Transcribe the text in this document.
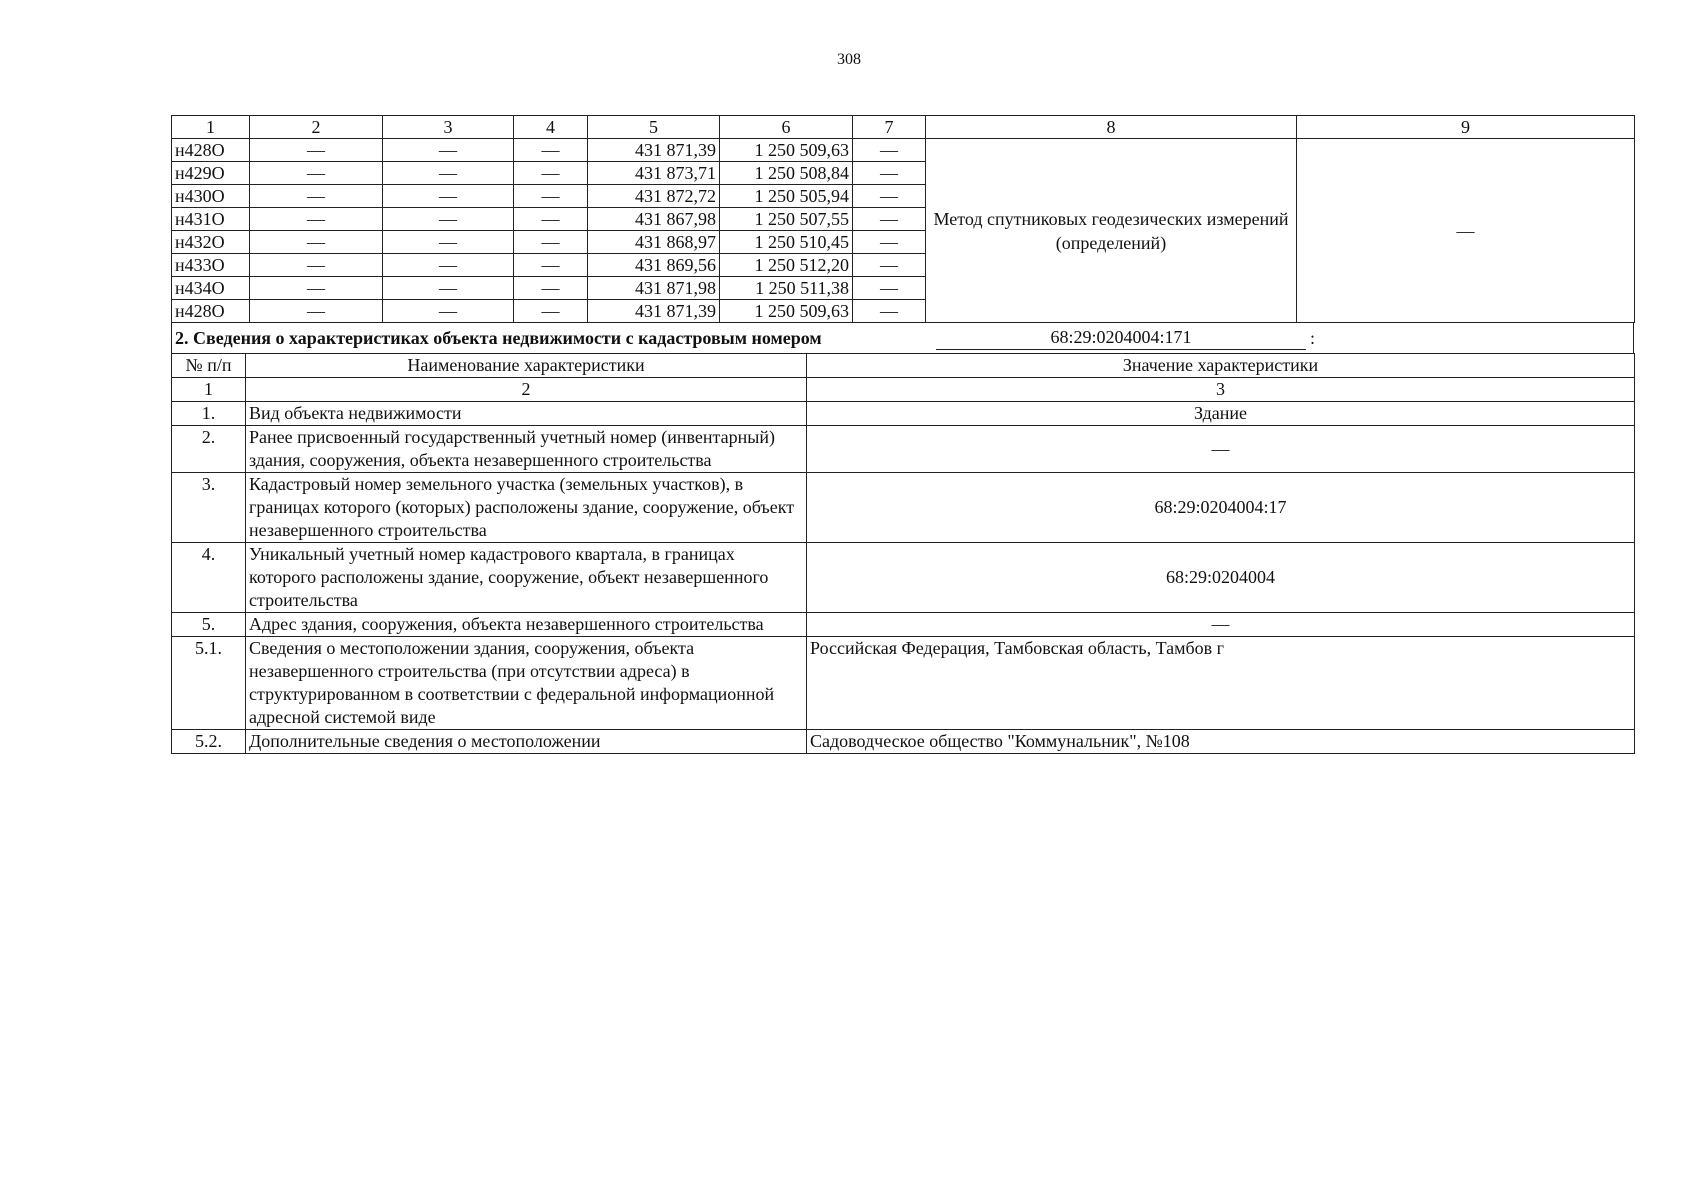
308
1	2	3	4	5	6	7	8	9
н428О	—	—	—	431 871,39	1 250 509,63	—	Метод спутниковых геодезических измерений (определений)	—
н429О	—	—	—	431 873,71	1 250 508,84	—		
н430О	—	—	—	431 872,72	1 250 505,94	—		
н431О	—	—	—	431 867,98	1 250 507,55	—		
н432О	—	—	—	431 868,97	1 250 510,45	—		
н433О	—	—	—	431 869,56	1 250 512,20	—		
н434О	—	—	—	431 871,98	1 250 511,38	—		
н428О	—	—	—	431 871,39	1 250 509,63	—		
2. Сведения о характеристиках объекта недвижимости с кадастровым номером	68:29:0204004:171	:
№ п/п	Наименование характеристики	Значение характеристики
1	2	3
1.	Вид объекта недвижимости	Здание
2.	Ранее присвоенный государственный учетный номер (инвентарный) здания, сооружения, объекта незавершенного строительства	—
3.	Кадастровый номер земельного участка (земельных участков), в границах которого (которых) расположены здание, сооружение, объект незавершенного строительства	68:29:0204004:17
4.	Уникальный учетный номер кадастрового квартала, в границах которого расположены здание, сооружение, объект незавершенного строительства	68:29:0204004
5.	Адрес здания, сооружения, объекта незавершенного строительства	—
5.1.	Сведения о местоположении здания, сооружения, объекта незавершенного строительства (при отсутствии адреса) в структурированном в соответствии с федеральной информационной адресной системой виде	Российская Федерация, Тамбовская область, Тамбов г
5.2.	Дополнительные сведения о местоположении	Садоводческое общество "Коммунальник", №108
